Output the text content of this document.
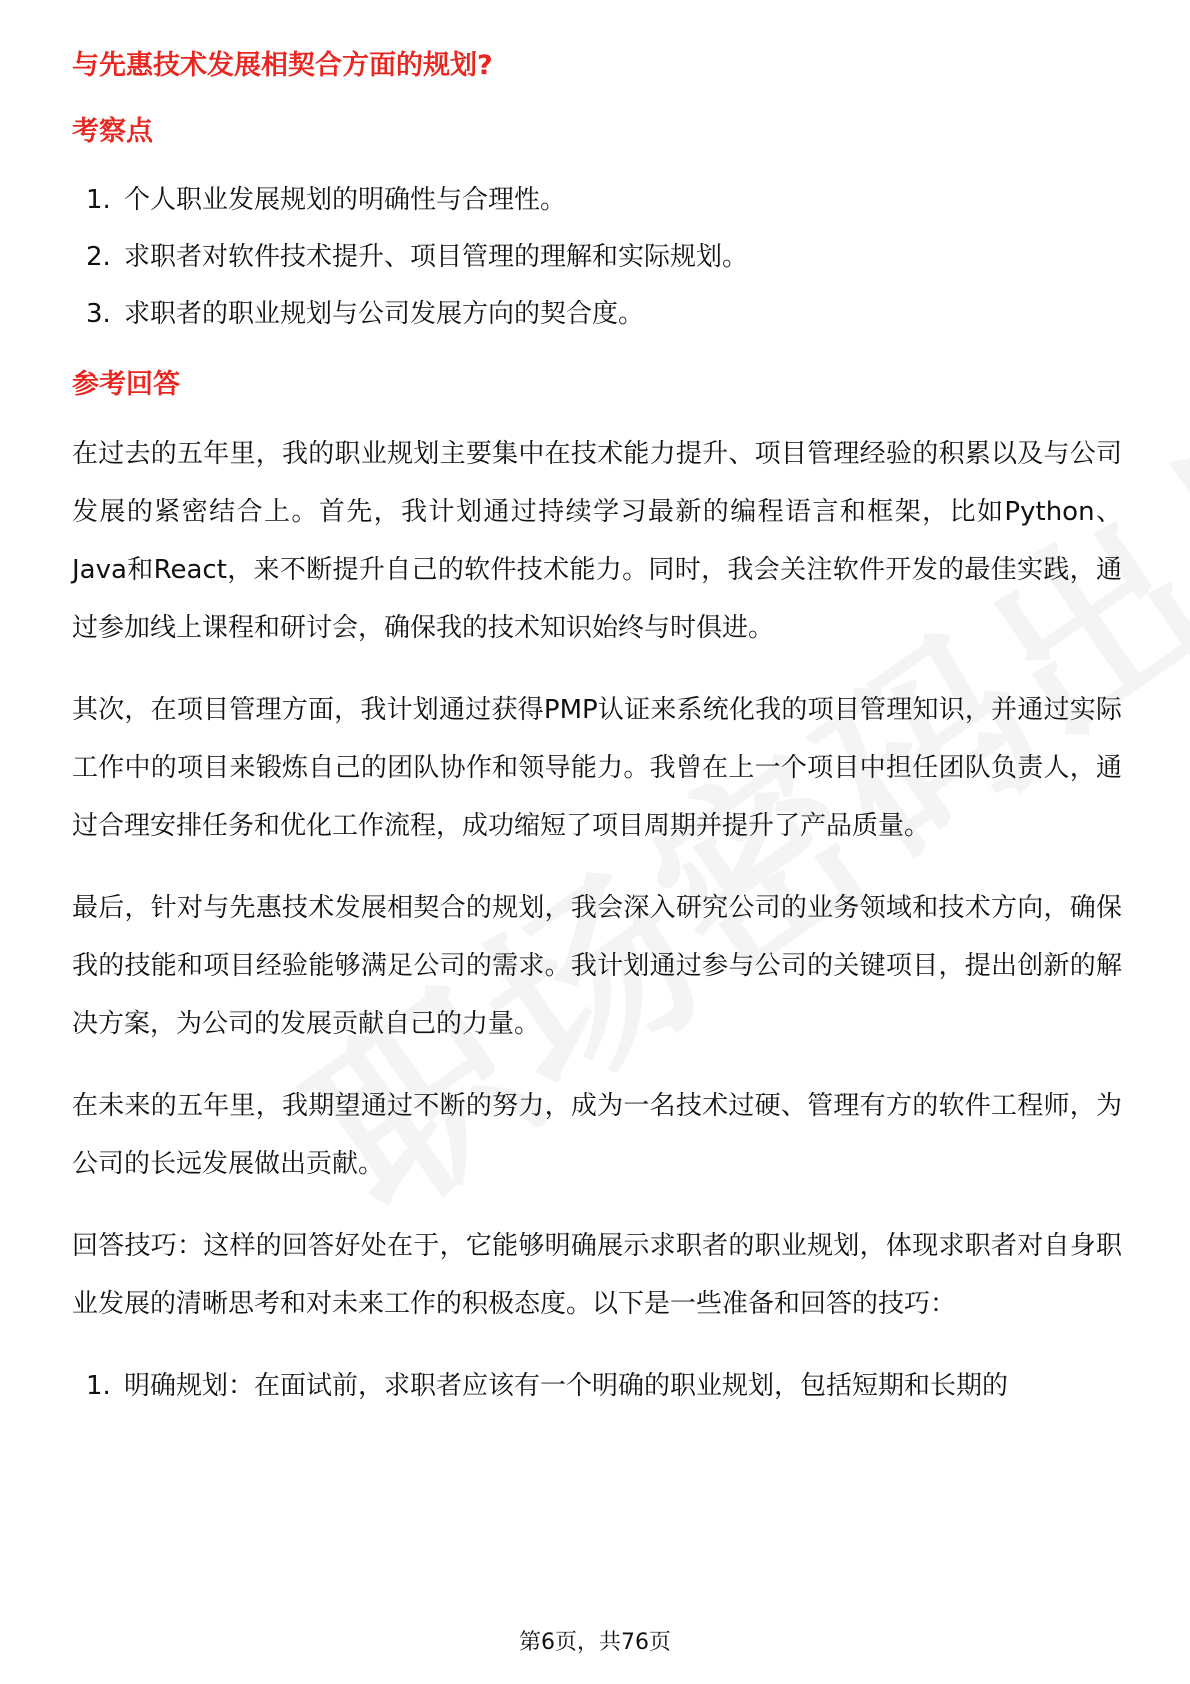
与先惠技术发展相契合方面的规划?
考察点
1. 个人职业发展规划的明确性与合理性。
2. 求职者对软件技术提升、项目管理的理解和实际规划。
3. 求职者的职业规划与公司发展方向的契合度。
参考回答

在过去的五年里，我的职业规划主要集中在技术能力提升、项目管理经验的积累以及与公司发展的紧密结合上。首先，我计划通过持续学习最新的编程语言和框架，比如Python、Java和React，来不断提升自己的软件技术能力。同时，我会关注软件开发的最佳实践，通过参加线上课程和研讨会，确保我的技术知识始终与时俱进。

其次，在项目管理方面，我计划通过获得PMP认证来系统化我的项目管理知识，并通过实际工作中的项目来锻炼自己的团队协作和领导能力。我曾在上一个项目中担任团队负责人，通过合理安排任务和优化工作流程，成功缩短了项目周期并提升了产品质量。

最后，针对与先惠技术发展相契合的规划，我会深入研究公司的业务领域和技术方向，确保我的技能和项目经验能够满足公司的需求。我计划通过参与公司的关键项目，提出创新的解决方案，为公司的发展贡献自己的力量。

在未来的五年里，我期望通过不断的努力，成为一名技术过硬、管理有方的软件工程师，为公司的长远发展做出贡献。

回答技巧：这样的回答好处在于，它能够明确展示求职者的职业规划，体现求职者对自身职业发展的清晰思考和对未来工作的积极态度。以下是一些准备和回答的技巧：

1. 明确规划：在面试前，求职者应该有一个明确的职业规划，包括短期和长期的
第6页，共76页
